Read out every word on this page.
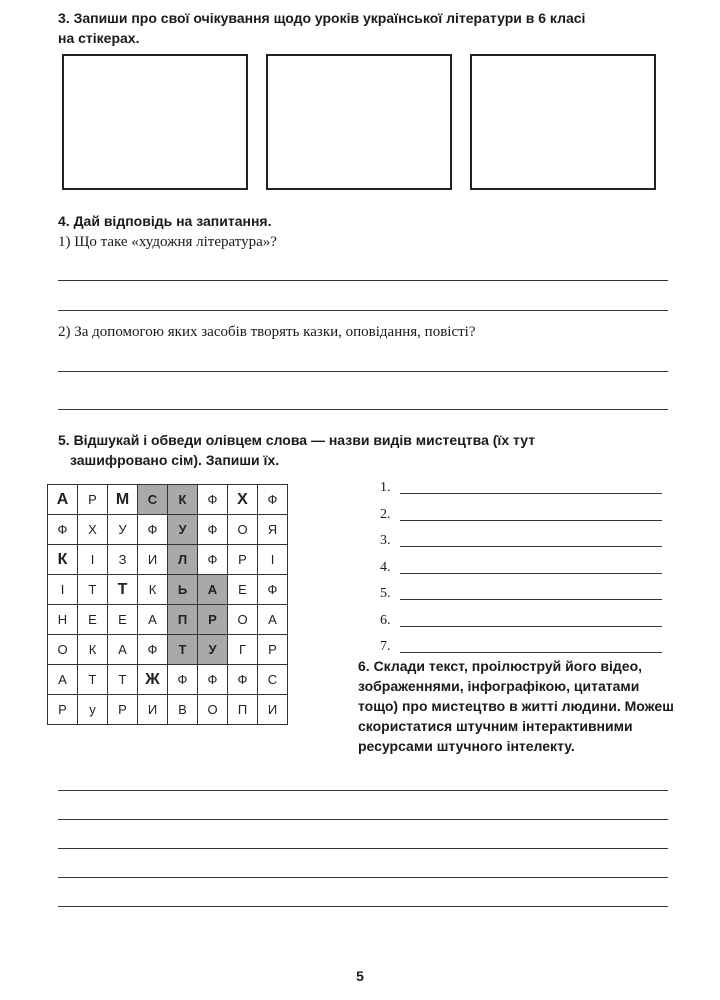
3. Запиши про свої очікування щодо уроків української літератури в 6 класі
на стікерах.
4. Дай відповідь на запитання.
1) Що таке «художня література»?
2) За допомогою яких засобів творять казки, оповідання, повісті?
5. Відшукай і обведи олівцем слова — назви видів мистецтва (їх тут
зашифровано сім). Запиши їх.
А	Р	М	С	К	Ф	Х	Ф
Ф	Х	У	Ф	У	Ф	О	Я
К	І	З	И	Л	Ф	Р	І
І	Т	Т	К	Ь	А	Е	Ф
Н	Е	Е	А	П	Р	О	А
О	К	А	Ф	Т	У	Г	Р
А	Т	Т	Ж	Ф	Ф	Ф	С
Р	у	Р	И	В	О	П	И
1.
2.
3.
4.
5.
6.
7.
6. Склади текст, проілюструй його відео, зображеннями, інфографікою, цитатами тощо) про мистецтво в житті людини. Можеш скористатися штучним інтерактивними ресурсами штучного інтелекту.
5
